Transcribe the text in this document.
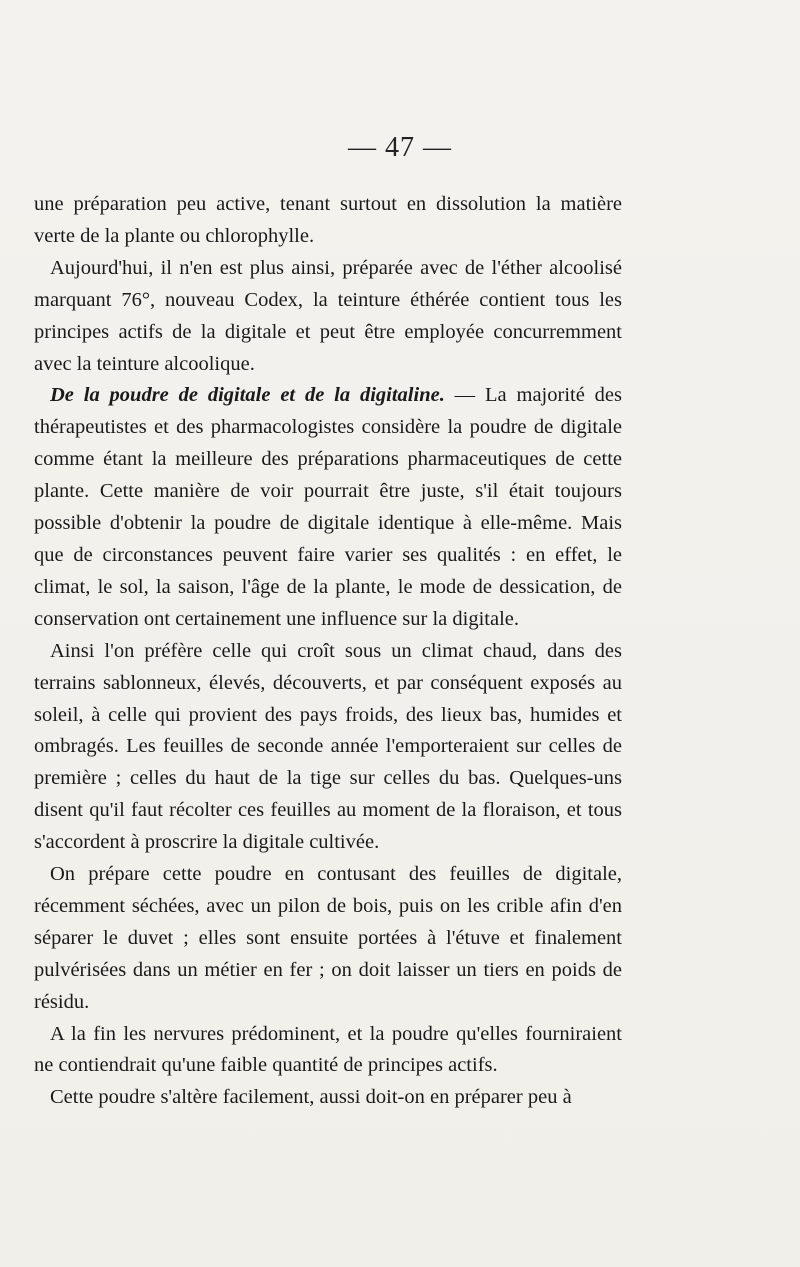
— 47 —

une préparation peu active, tenant surtout en dissolution la matière verte de la plante ou chlorophylle.

Aujourd'hui, il n'en est plus ainsi, préparée avec de l'éther alcoolisé marquant 76°, nouveau Codex, la teinture éthérée contient tous les principes actifs de la digitale et peut être employée concurremment avec la teinture alcoolique.

De la poudre de digitale et de la digitaline. — La majorité des thérapeutistes et des pharmacologistes considère la poudre de digitale comme étant la meilleure des préparations pharmaceutiques de cette plante. Cette manière de voir pourrait être juste, s'il était toujours possible d'obtenir la poudre de digitale identique à elle-même. Mais que de circonstances peuvent faire varier ses qualités : en effet, le climat, le sol, la saison, l'âge de la plante, le mode de dessication, de conservation ont certainement une influence sur la digitale.

Ainsi l'on préfère celle qui croît sous un climat chaud, dans des terrains sablonneux, élevés, découverts, et par conséquent exposés au soleil, à celle qui provient des pays froids, des lieux bas, humides et ombragés. Les feuilles de seconde année l'emporteraient sur celles de première ; celles du haut de la tige sur celles du bas. Quelques-uns disent qu'il faut récolter ces feuilles au moment de la floraison, et tous s'accordent à proscrire la digitale cultivée.

On prépare cette poudre en contusant des feuilles de digitale, récemment séchées, avec un pilon de bois, puis on les crible afin d'en séparer le duvet ; elles sont ensuite portées à l'étuve et finalement pulvérisées dans un métier en fer ; on doit laisser un tiers en poids de résidu.

A la fin les nervures prédominent, et la poudre qu'elles fourniraient ne contiendrait qu'une faible quantité de principes actifs.

Cette poudre s'altère facilement, aussi doit-on en préparer peu à
